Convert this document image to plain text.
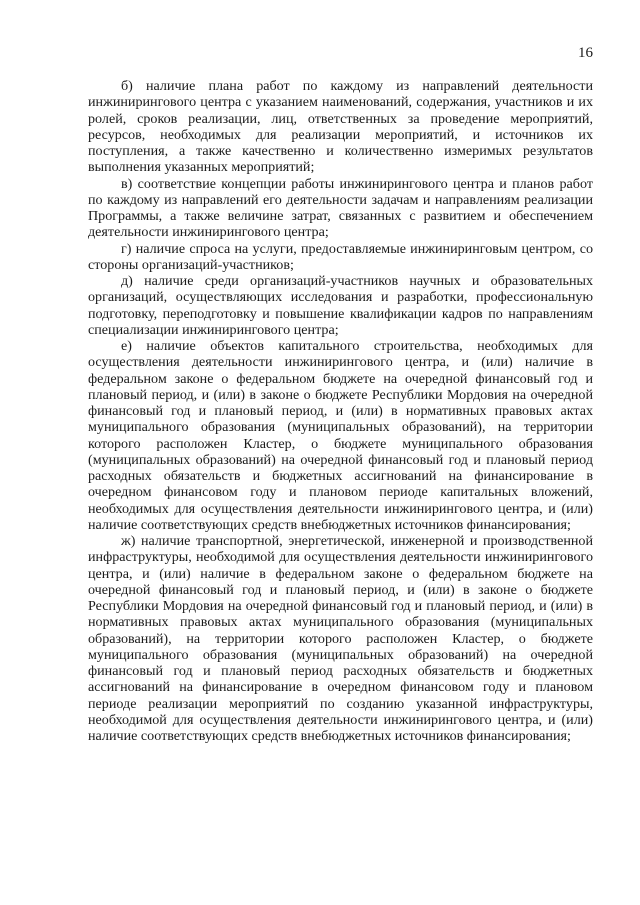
16

б) наличие плана работ по каждому из направлений деятельности инжинирингового центра с указанием наименований, содержания, участников и их ролей, сроков реализации, лиц, ответственных за проведение мероприятий, ресурсов, необходимых для реализации мероприятий, и источников их поступления, а также качественно и количественно измеримых результатов выполнения указанных мероприятий;

в) соответствие концепции работы инжинирингового центра и планов работ по каждому из направлений его деятельности задачам и направлениям реализации Программы, а также величине затрат, связанных с развитием и обеспечением деятельности инжинирингового центра;

г) наличие спроса на услуги, предоставляемые инжиниринговым центром, со стороны организаций-участников;

д) наличие среди организаций-участников научных и образовательных организаций, осуществляющих исследования и разработки, профессиональную подготовку, переподготовку и повышение квалификации кадров по направлениям специализации инжинирингового центра;

е) наличие объектов капитального строительства, необходимых для осуществления деятельности инжинирингового центра, и (или) наличие в федеральном законе о федеральном бюджете на очередной финансовый год и плановый период, и (или) в законе о бюджете Республики Мордовия на очередной финансовый год и плановый период, и (или) в нормативных правовых актах муниципального образования (муниципальных образований), на территории которого расположен Кластер, о бюджете муниципального образования (муниципальных образований) на очередной финансовый год и плановый период расходных обязательств и бюджетных ассигнований на финансирование в очередном финансовом году и плановом периоде капитальных вложений, необходимых для осуществления деятельности инжинирингового центра, и (или) наличие соответствующих средств внебюджетных источников финансирования;

ж) наличие транспортной, энергетической, инженерной и производственной инфраструктуры, необходимой для осуществления деятельности инжинирингового центра, и (или) наличие в федеральном законе о федеральном бюджете на очередной финансовый год и плановый период, и (или) в законе о бюджете Республики Мордовия на очередной финансовый год и плановый период, и (или) в нормативных правовых актах муниципального образования (муниципальных образований), на территории которого расположен Кластер, о бюджете муниципального образования (муниципальных образований) на очередной финансовый год и плановый период расходных обязательств и бюджетных ассигнований на финансирование в очередном финансовом году и плановом периоде реализации мероприятий по созданию указанной инфраструктуры, необходимой для осуществления деятельности инжинирингового центра, и (или) наличие соответствующих средств внебюджетных источников финансирования;
